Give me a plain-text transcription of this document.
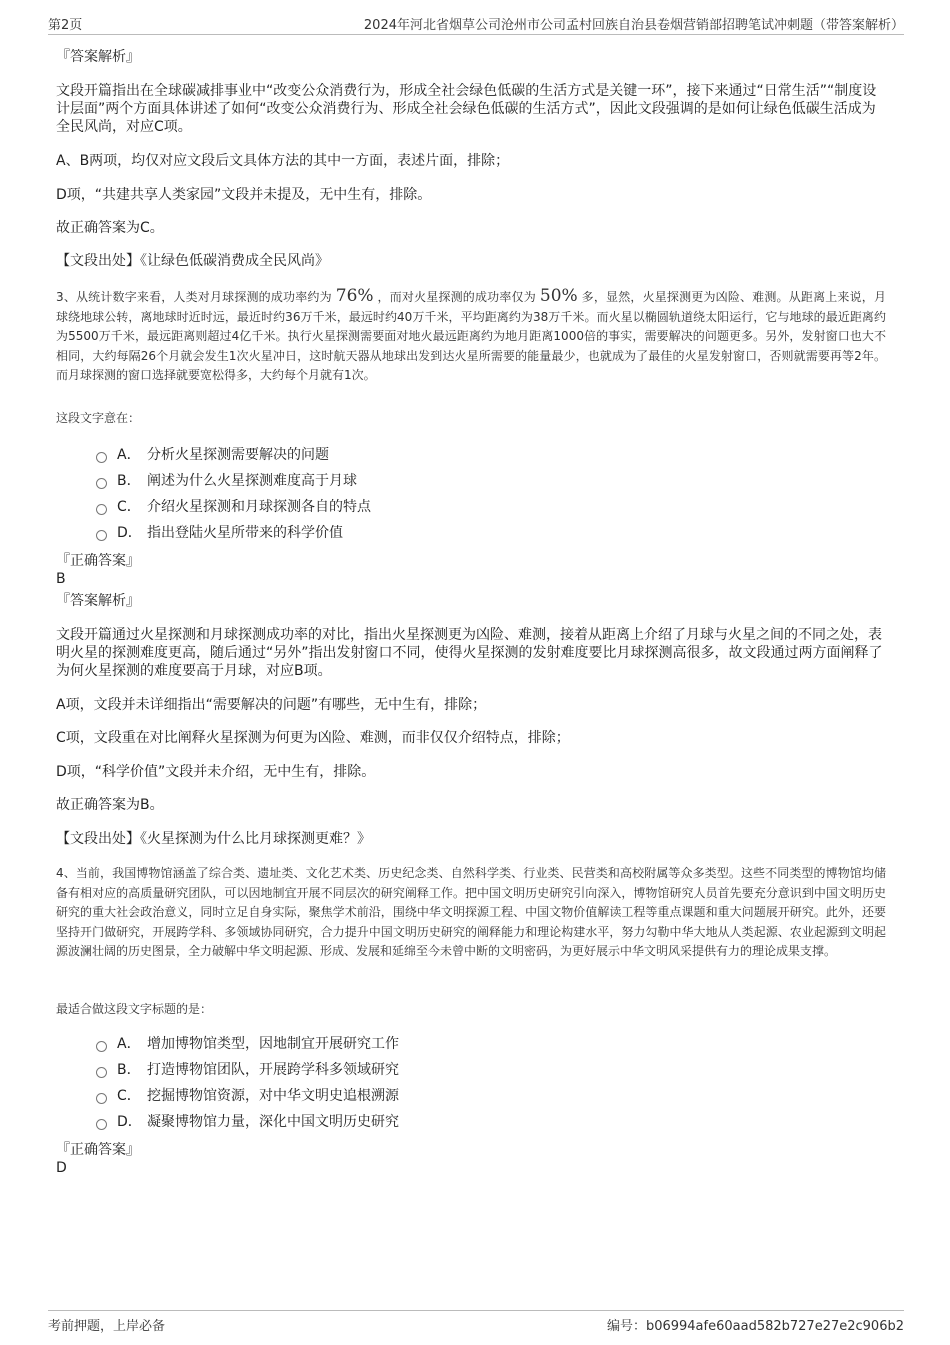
第2页	2024年河北省烟草公司沧州市公司孟村回族自治县卷烟营销部招聘笔试冲刺题（带答案解析）
『答案解析』
文段开篇指出在全球碳减排事业中“改变公众消费行为，形成全社会绿色低碳的生活方式是关键一环”，接下来通过“日常生活”“制度设计层面”两个方面具体讲述了如何“改变公众消费行为、形成全社会绿色低碳的生活方式”，因此文段强调的是如何让绿色低碳生活成为全民风尚，对应C项。
A、B两项，均仅对应文段后文具体方法的其中一方面，表述片面，排除；
D项，“共建共享人类家园”文段并未提及，无中生有，排除。
故正确答案为C。
【文段出处】《让绿色低碳消费成全民风尚》
3、从统计数字来看，人类对月球探测的成功率约为 76% ，而对火星探测的成功率仅为 50% 多，显然，火星探测更为凶险、难测。从距离上来说，月球绕地球公转，离地球时近时远，最近时约36万千米，最远时约40万千米，平均距离约为38万千米。而火星以椭圆轨道绕太阳运行，它与地球的最近距离约为5500万千米，最远距离则超过4亿千米。执行火星探测需要面对地火最远距离约为地月距离1000倍的事实，需要解决的问题更多。另外，发射窗口也大不相同，大约每隔26个月就会发生1次火星冲日，这时航天器从地球出发到达火星所需要的能量最少，也就成为了最佳的火星发射窗口，否则就需要再等2年。而月球探测的窗口选择就要宽松得多，大约每个月就有1次。
这段文字意在：
A． 分析火星探测需要解决的问题
B． 阐述为什么火星探测难度高于月球
C． 介绍火星探测和月球探测各自的特点
D． 指出登陆火星所带来的科学价值
『正确答案』
B
『答案解析』
文段开篇通过火星探测和月球探测成功率的对比，指出火星探测更为凶险、难测，接着从距离上介绍了月球与火星之间的不同之处，表明火星的探测难度更高，随后通过“另外”指出发射窗口不同，使得火星探测的发射难度要比月球探测高很多，故文段通过两方面阐释了为何火星探测的难度要高于月球，对应B项。
A项，文段并未详细指出“需要解决的问题”有哪些，无中生有，排除；
C项，文段重在对比阐释火星探测为何更为凶险、难测，而非仅仅介绍特点，排除；
D项，“科学价值”文段并未介绍，无中生有，排除。
故正确答案为B。
【文段出处】《火星探测为什么比月球探测更难？》
4、当前，我国博物馆涵盖了综合类、遗址类、文化艺术类、历史纪念类、自然科学类、行业类、民营类和高校附属等众多类型。这些不同类型的博物馆均储备有相对应的高质量研究团队，可以因地制宜开展不同层次的研究阐释工作。把中国文明历史研究引向深入，博物馆研究人员首先要充分意识到中国文明历史研究的重大社会政治意义，同时立足自身实际，聚焦学术前沿，围绕中华文明探源工程、中国文物价值解读工程等重点课题和重大问题展开研究。此外，还要坚持开门做研究，开展跨学科、多领域协同研究，合力提升中国文明历史研究的阐释能力和理论构建水平，努力勾勒中华大地从人类起源、农业起源到文明起源波澜壮阔的历史图景，全力破解中华文明起源、形成、发展和延绵至今未曾中断的文明密码，为更好展示中华文明风采提供有力的理论成果支撑。
最适合做这段文字标题的是：
A． 增加博物馆类型，因地制宜开展研究工作
B． 打造博物馆团队，开展跨学科多领域研究
C． 挖掘博物馆资源，对中华文明史追根溯源
D． 凝聚博物馆力量，深化中国文明历史研究
『正确答案』
D
考前押题，上岸必备	编号：b06994afe60aad582b727e27e2c906b2
